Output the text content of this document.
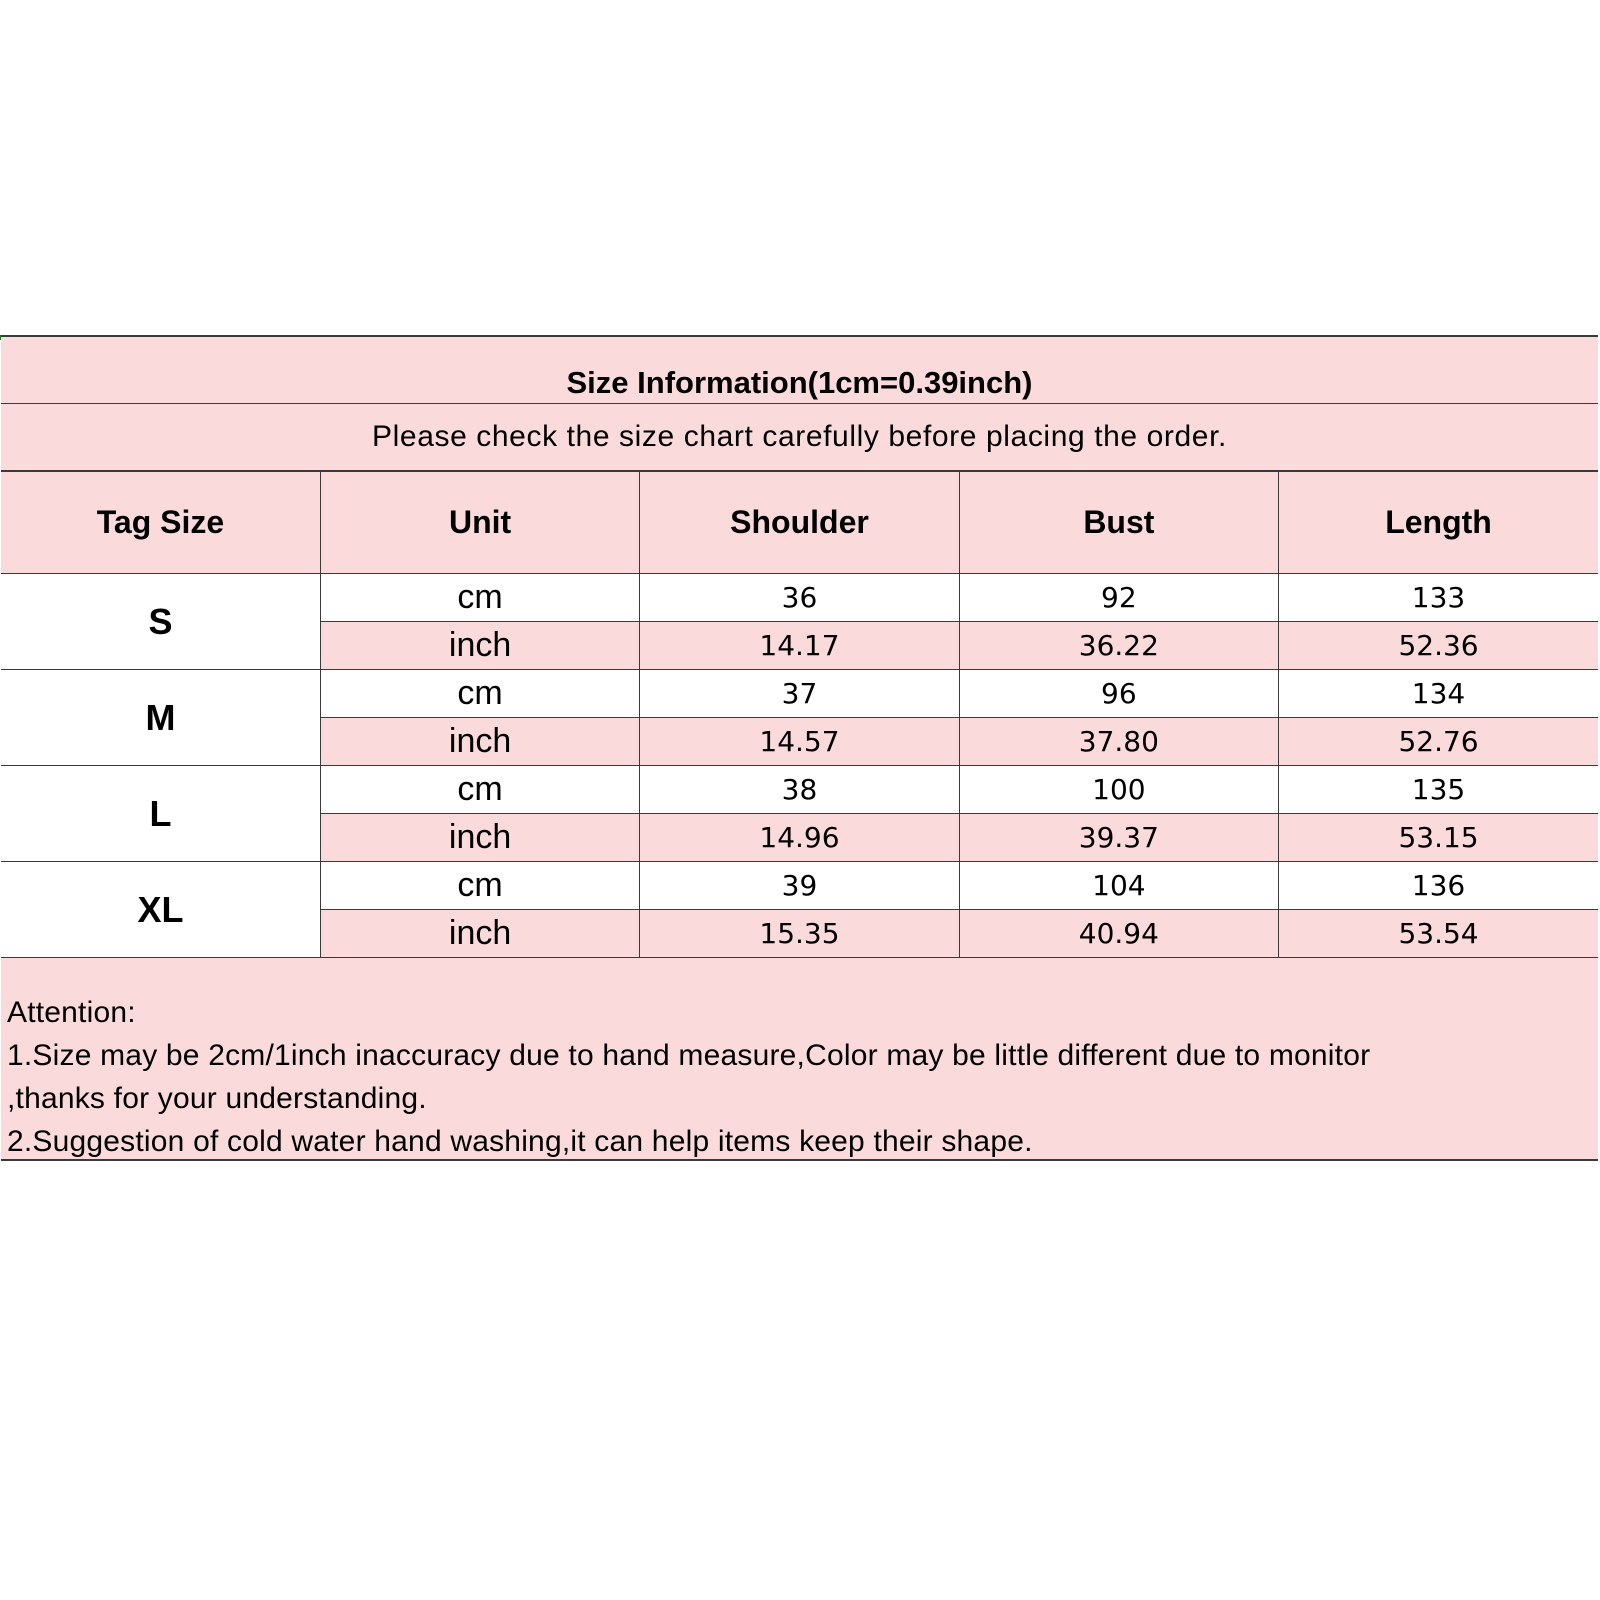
Size Information(1cm=0.39inch)
Please check the size chart carefully before placing the order.
Tag Size	Unit	Shoulder	Bust	Length
S	cm	36	92	133
	inch	14.17	36.22	52.36
M	cm	37	96	134
	inch	14.57	37.80	52.76
L	cm	38	100	135
	inch	14.96	39.37	53.15
XL	cm	39	104	136
	inch	15.35	40.94	53.54
Attention:
1.Size may be 2cm/1inch inaccuracy due to hand measure,Color may be little different due to monitor
,thanks for your understanding.
2.Suggestion of cold water hand washing,it can help items keep their shape.
